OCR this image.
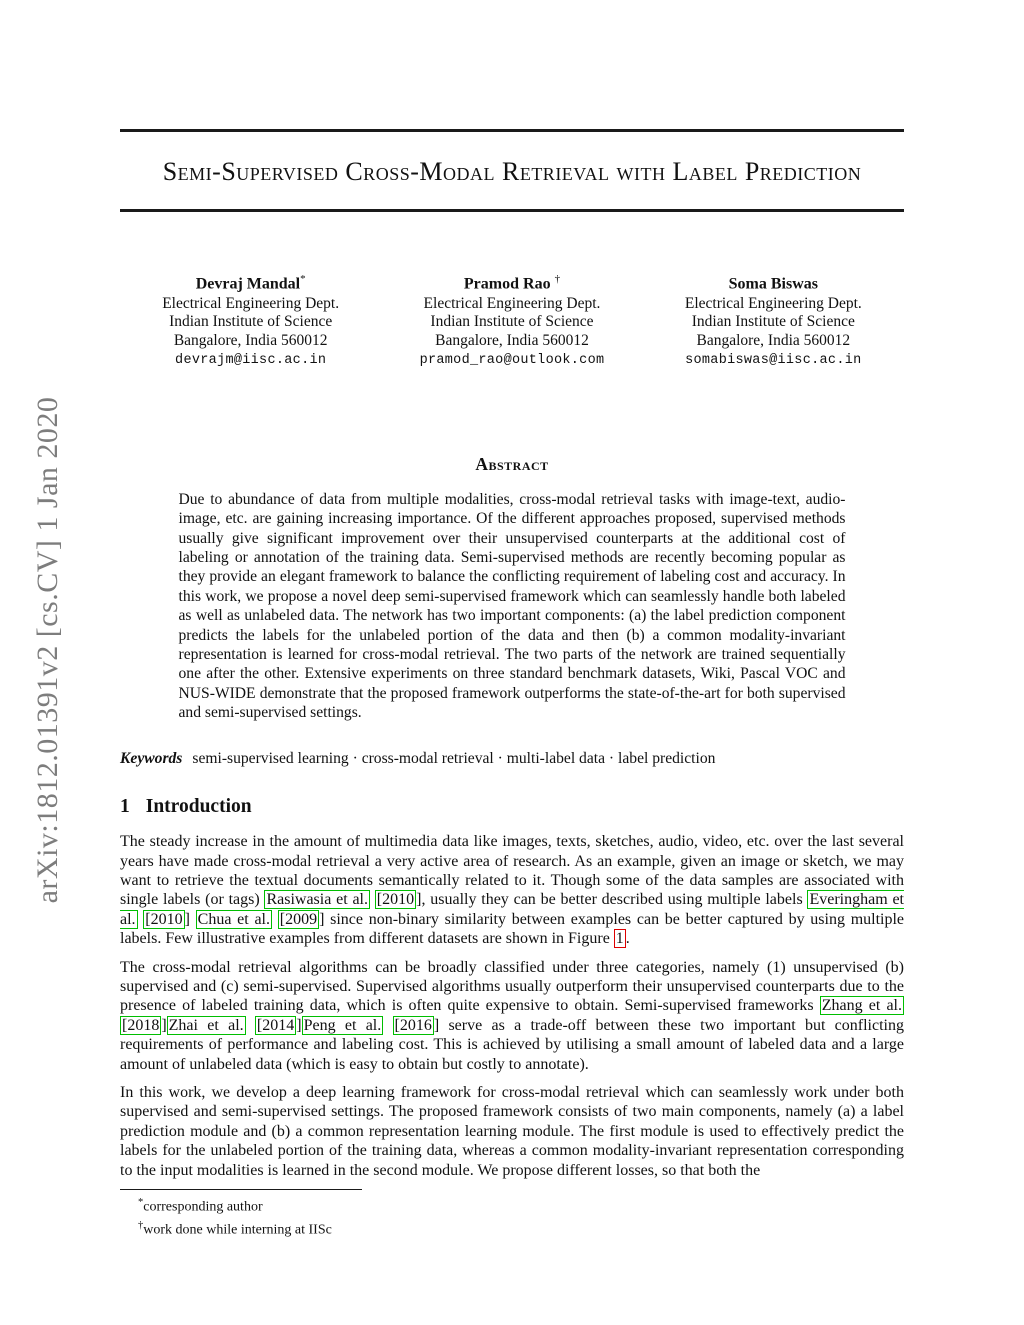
arXiv:1812.01391v2 [cs.CV] 1 Jan 2020
Semi-Supervised Cross-Modal Retrieval with Label Prediction
Devraj Mandal*
Electrical Engineering Dept.
Indian Institute of Science
Bangalore, India 560012
devrajm@iisc.ac.in
Pramod Rao †
Electrical Engineering Dept.
Indian Institute of Science
Bangalore, India 560012
pramod_rao@outlook.com
Soma Biswas
Electrical Engineering Dept.
Indian Institute of Science
Bangalore, India 560012
somabiswas@iisc.ac.in
Abstract
Due to abundance of data from multiple modalities, cross-modal retrieval tasks with image-text, audio-image, etc. are gaining increasing importance. Of the different approaches proposed, supervised methods usually give significant improvement over their unsupervised counterparts at the additional cost of labeling or annotation of the training data. Semi-supervised methods are recently becoming popular as they provide an elegant framework to balance the conflicting requirement of labeling cost and accuracy. In this work, we propose a novel deep semi-supervised framework which can seamlessly handle both labeled as well as unlabeled data. The network has two important components: (a) the label prediction component predicts the labels for the unlabeled portion of the data and then (b) a common modality-invariant representation is learned for cross-modal retrieval. The two parts of the network are trained sequentially one after the other. Extensive experiments on three standard benchmark datasets, Wiki, Pascal VOC and NUS-WIDE demonstrate that the proposed framework outperforms the state-of-the-art for both supervised and semi-supervised settings.
Keywords semi-supervised learning · cross-modal retrieval · multi-label data · label prediction
1 Introduction

The steady increase in the amount of multimedia data like images, texts, sketches, audio, video, etc. over the last several years have made cross-modal retrieval a very active area of research. As an example, given an image or sketch, we may want to retrieve the textual documents semantically related to it. Though some of the data samples are associated with single labels (or tags) Rasiwasia et al. [2010 ], usually they can be better described using multiple labels Everingham et al. [2010 ] Chua et al. [2009 ] since non-binary similarity between examples can be better captured by using multiple labels. Few illustrative examples from different datasets are shown in Figure 1 .

The cross-modal retrieval algorithms can be broadly classified under three categories, namely (1) unsupervised (b) supervised and (c) semi-supervised. Supervised algorithms usually outperform their unsupervised counterparts due to the presence of labeled training data, which is often quite expensive to obtain. Semi-supervised frameworks Zhang et al. [2018 ] Zhai et al. [2014 ] Peng et al. [2016 ] serve as a trade-off between these two important but conflicting requirements of performance and labeling cost. This is achieved by utilising a small amount of labeled data and a large amount of unlabeled data (which is easy to obtain but costly to annotate).

In this work, we develop a deep learning framework for cross-modal retrieval which can seamlessly work under both supervised and semi-supervised settings. The proposed framework consists of two main components, namely (a) a label prediction module and (b) a common representation learning module. The first module is used to effectively predict the labels for the unlabeled portion of the training data, whereas a common modality-invariant representation corresponding to the input modalities is learned in the second module. We propose different losses, so that both the

*corresponding author
†work done while interning at IISc
